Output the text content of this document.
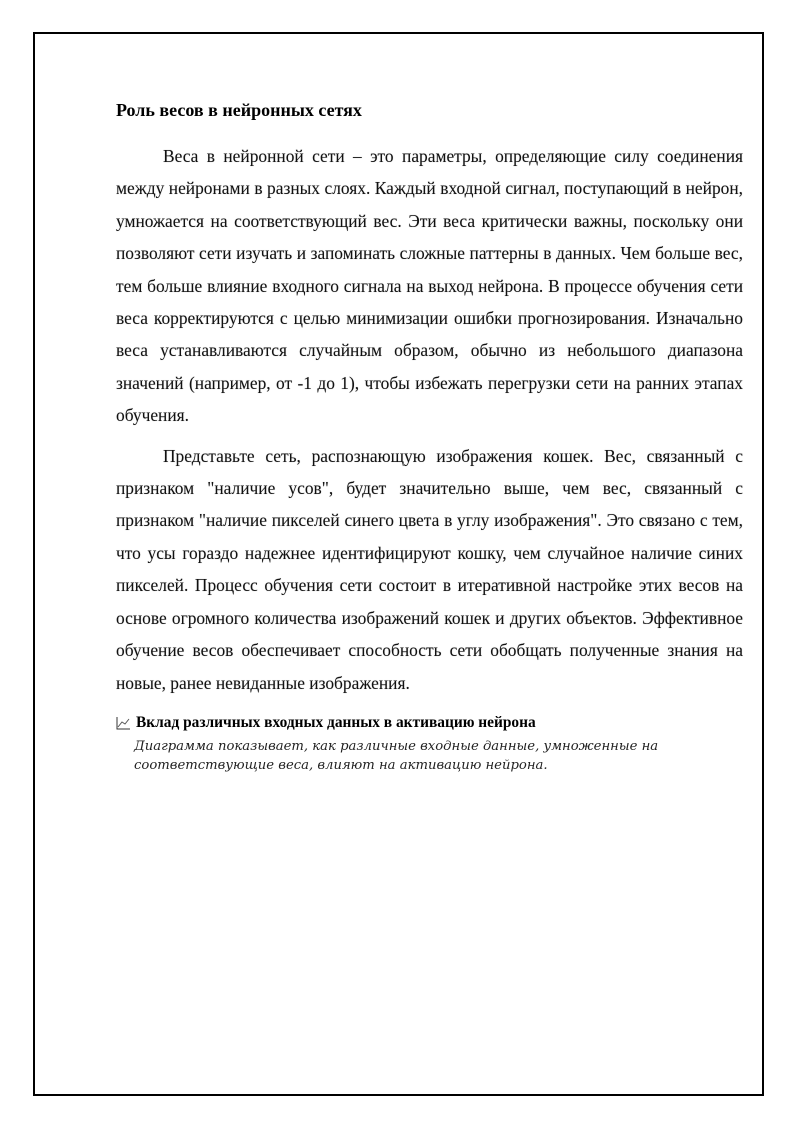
Роль весов в нейронных сетях

Веса в нейронной сети – это параметры, определяющие силу соединения между нейронами в разных слоях. Каждый входной сигнал, поступающий в нейрон, умножается на соответствующий вес. Эти веса критически важны, поскольку они позволяют сети изучать и запоминать сложные паттерны в данных. Чем больше вес, тем больше влияние входного сигнала на выход нейрона. В процессе обучения сети веса корректируются с целью минимизации ошибки прогнозирования. Изначально веса устанавливаются случайным образом, обычно из небольшого диапазона значений (например, от -1 до 1), чтобы избежать перегрузки сети на ранних этапах обучения.

Представьте сеть, распознающую изображения кошек. Вес, связанный с признаком "наличие усов", будет значительно выше, чем вес, связанный с признаком "наличие пикселей синего цвета в углу изображения". Это связано с тем, что усы гораздо надежнее идентифицируют кошку, чем случайное наличие синих пикселей. Процесс обучения сети состоит в итеративной настройке этих весов на основе огромного количества изображений кошек и других объектов. Эффективное обучение весов обеспечивает способность сети обобщать полученные знания на новые, ранее невиданные изображения.

Вклад различных входных данных в активацию нейрона
Диаграмма показывает, как различные входные данные, умноженные на соответствующие веса, влияют на активацию нейрона.
